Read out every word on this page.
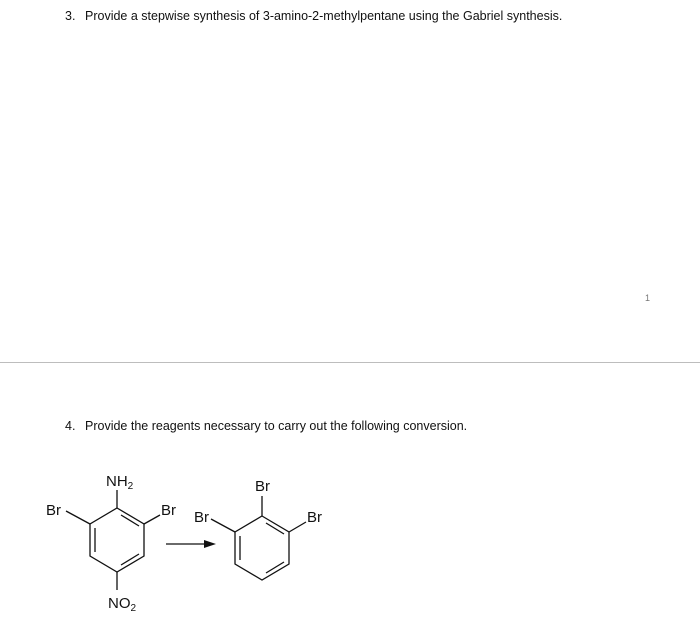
3. Provide a stepwise synthesis of 3-amino-2-methylpentane using the Gabriel synthesis.
1
4. Provide the reagents necessary to carry out the following conversion.
$NH_2$
Br	Br
$NO_2$
Br
Br	Br
